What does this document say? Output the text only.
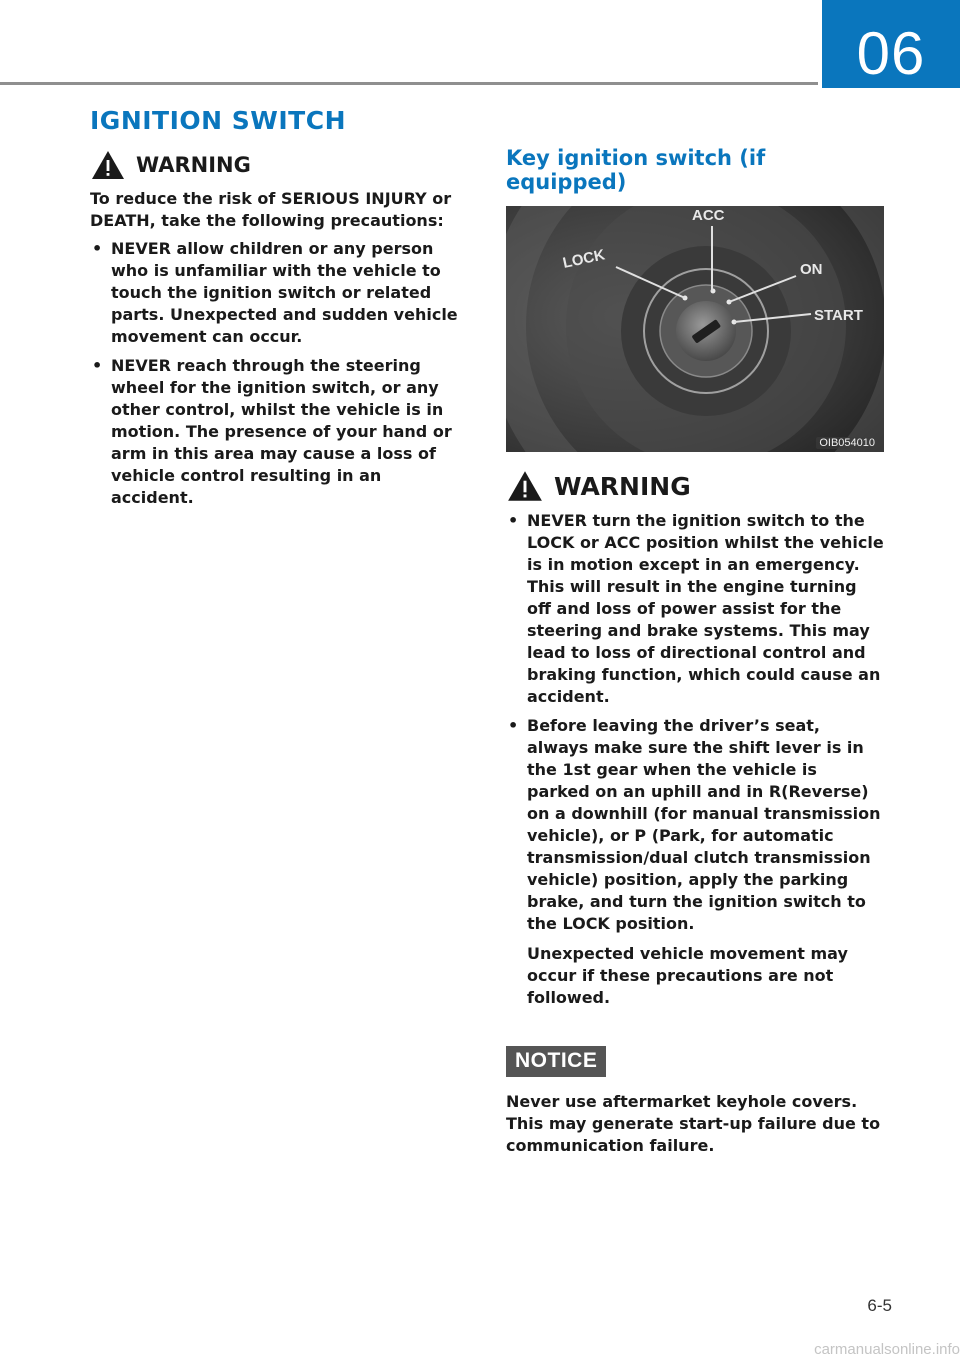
06
IGNITION SWITCH
WARNING

To reduce the risk of SERIOUS INJURY or DEATH, take the following precautions:

• NEVER allow children or any person who is unfamiliar with the vehicle to touch the ignition switch or related parts. Unexpected and sudden vehicle movement can occur.
• NEVER reach through the steering wheel for the ignition switch, or any other control, whilst the vehicle is in motion. The presence of your hand or arm in this area may cause a loss of vehicle control resulting in an accident.
Key ignition switch (if equipped)
ACC
LOCK	ON
START
OIB054010
WARNING
• NEVER turn the ignition switch to the LOCK or ACC position whilst the vehicle is in motion except in an emergency. This will result in the engine turning off and loss of power assist for the steering and brake systems. This may lead to loss of directional control and braking function, which could cause an accident.
• Before leaving the driver’s seat, always make sure the shift lever is in the 1st gear when the vehicle is parked on an uphill and in R(Reverse) on a downhill (for manual transmission vehicle), or P (Park, for automatic transmission/dual clutch transmission vehicle) position, apply the parking brake, and turn the ignition switch to the LOCK position.
Unexpected vehicle movement may occur if these precautions are not followed.
NOTICE

Never use aftermarket keyhole covers. This may generate start-up failure due to communication failure.

6-5
carmanualsonline.info
